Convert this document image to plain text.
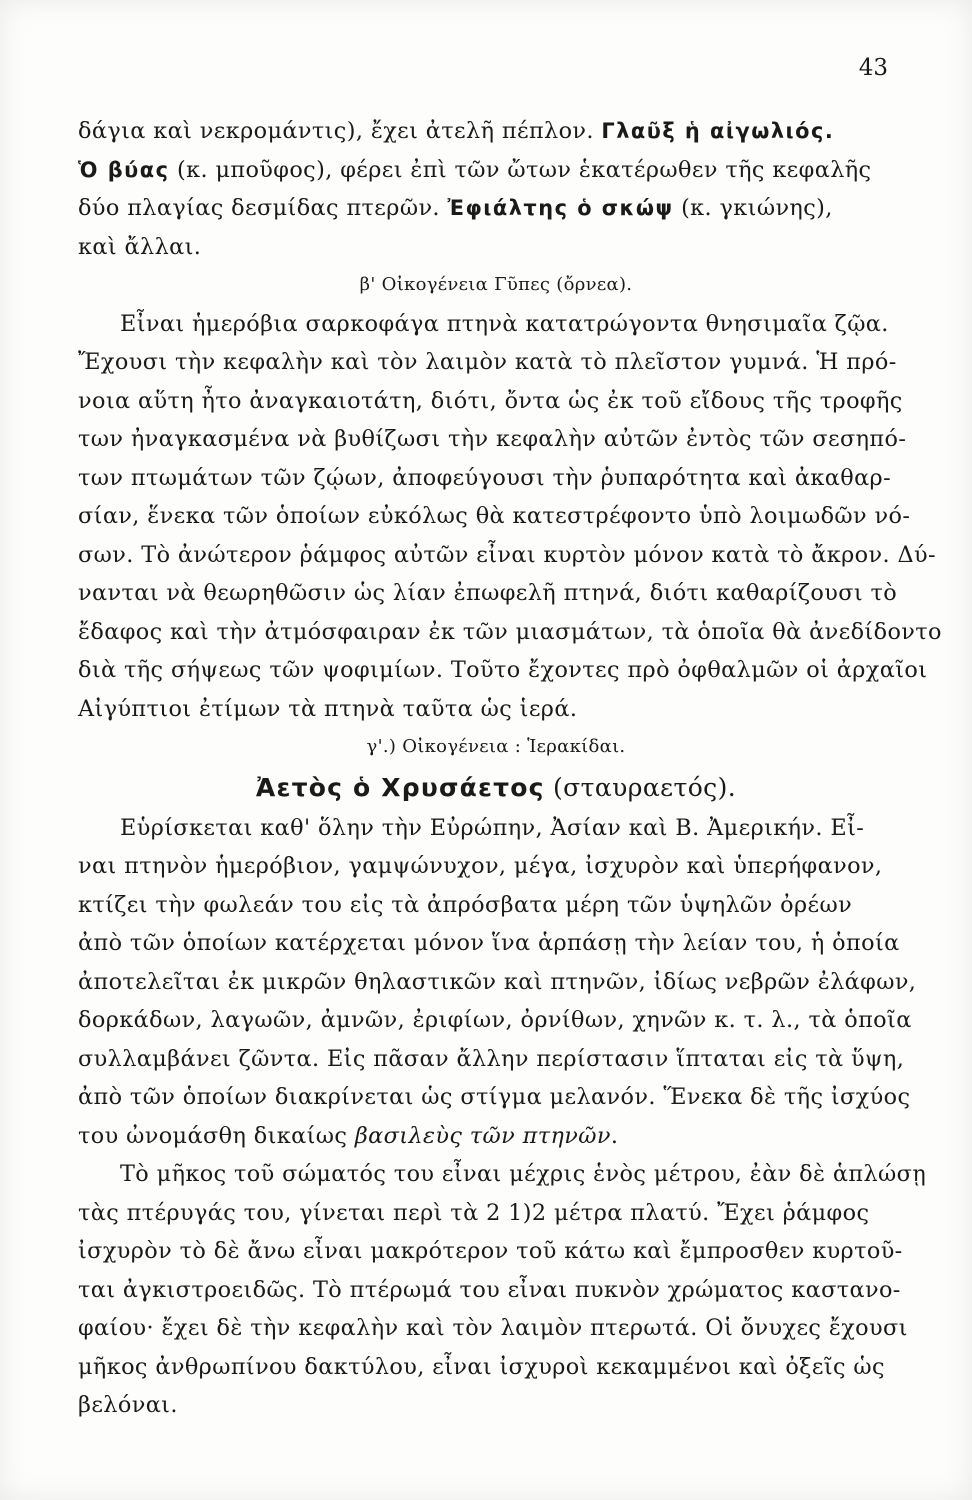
43
δάγια καὶ νεκρομάντις), ἔχει ἀτελῆ πέπλον. Γλαῦξ ἡ αἰγωλιός.
Ὁ βύας (κ. μποῦφος), φέρει ἐπὶ τῶν ὤτων ἑκατέρωθεν τῆς κεφαλῆς
δύο πλαγίας δεσμίδας πτερῶν. Ἐφιάλτης ὁ σκώψ (κ. γκιώνης),
καὶ ἄλλαι.
β' Οἰκογένεια Γῦπες (ὄρνεα).
Εἶναι ἡμερόβια σαρκοφάγα πτηνὰ κατατρώγοντα θνησιμαῖα ζῷα.
Ἔχουσι τὴν κεφαλὴν καὶ τὸν λαιμὸν κατὰ τὸ πλεῖστον γυμνά. Ἡ πρό-
νοια αὕτη ἦτο ἀναγκαιοτάτη, διότι, ὄντα ὡς ἐκ τοῦ εἴδους τῆς τροφῆς
των ἠναγκασμένα νὰ βυθίζωσι τὴν κεφαλὴν αὐτῶν ἐντὸς τῶν σεσηπό-
των πτωμάτων τῶν ζῴων, ἀποφεύγουσι τὴν ῥυπαρότητα καὶ ἀκαθαρ-
σίαν, ἕνεκα τῶν ὁποίων εὐκόλως θὰ κατεστρέφοντο ὑπὸ λοιμωδῶν νό-
σων. Τὸ ἀνώτερον ῥάμφος αὐτῶν εἶναι κυρτὸν μόνον κατὰ τὸ ἄκρον. Δύ-
νανται νὰ θεωρηθῶσιν ὡς λίαν ἐπωφελῆ πτηνά, διότι καθαρίζουσι τὸ
ἔδαφος καὶ τὴν ἀτμόσφαιραν ἐκ τῶν μιασμάτων, τὰ ὁποῖα θὰ ἀνεδίδοντο
διὰ τῆς σήψεως τῶν ψοφιμίων. Τοῦτο ἔχοντες πρὸ ὀφθαλμῶν οἱ ἀρχαῖοι
Αἰγύπτιοι ἐτίμων τὰ πτηνὰ ταῦτα ὡς ἱερά.
γ'.) Οἰκογένεια : Ἱερακίδαι.
Ἀετὸς ὁ Χρυσάετος (σταυραετός).
Εὑρίσκεται καθ' ὅλην τὴν Εὐρώπην, Ἀσίαν καὶ Β. Ἀμερικήν. Εἶ-
ναι πτηνὸν ἡμερόβιον, γαμψώνυχον, μέγα, ἰσχυρὸν καὶ ὑπερήφανον,
κτίζει τὴν φωλεάν του εἰς τὰ ἀπρόσβατα μέρη τῶν ὑψηλῶν ὀρέων
ἀπὸ τῶν ὁποίων κατέρχεται μόνον ἵνα ἁρπάσῃ τὴν λείαν του, ἡ ὁποία
ἀποτελεῖται ἐκ μικρῶν θηλαστικῶν καὶ πτηνῶν, ἰδίως νεβρῶν ἐλάφων,
δορκάδων, λαγωῶν, ἀμνῶν, ἐριφίων, ὀρνίθων, χηνῶν κ. τ. λ., τὰ ὁποῖα
συλλαμβάνει ζῶντα. Εἰς πᾶσαν ἄλλην περίστασιν ἵπταται εἰς τὰ ὕψη,
ἀπὸ τῶν ὁποίων διακρίνεται ὡς στίγμα μελανόν. Ἕνεκα δὲ τῆς ἰσχύος
του ὠνομάσθη δικαίως βασιλεὺς τῶν πτηνῶν.
Τὸ μῆκος τοῦ σώματός του εἶναι μέχρις ἑνὸς μέτρου, ἐὰν δὲ ἁπλώσῃ
τὰς πτέρυγάς του, γίνεται περὶ τὰ 2 1)2 μέτρα πλατύ. Ἔχει ῥάμφος
ἰσχυρὸν τὸ δὲ ἄνω εἶναι μακρότερον τοῦ κάτω καὶ ἔμπροσθεν κυρτοῦ-
ται ἀγκιστροειδῶς. Τὸ πτέρωμά του εἶναι πυκνὸν χρώματος καστανο-
φαίου· ἔχει δὲ τὴν κεφαλὴν καὶ τὸν λαιμὸν πτερωτά. Οἱ ὄνυχες ἔχουσι
μῆκος ἀνθρωπίνου δακτύλου, εἶναι ἰσχυροὶ κεκαμμένοι καὶ ὀξεῖς ὡς
βελόναι.
